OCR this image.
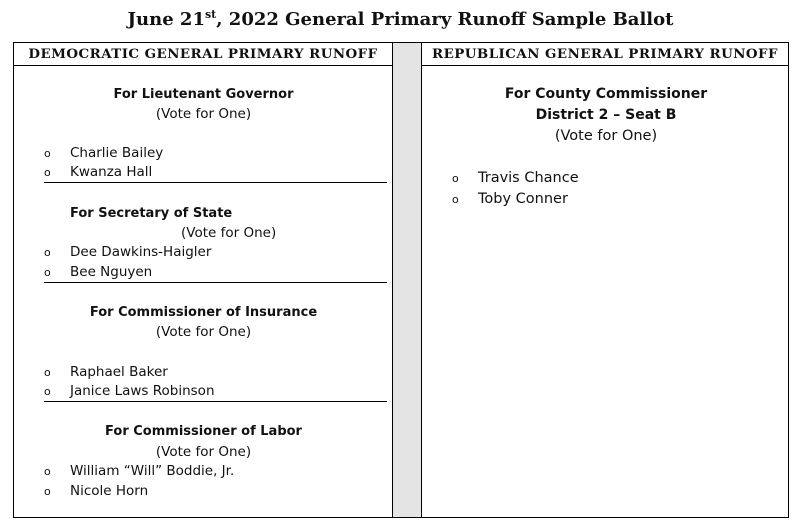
June 21st, 2022 General Primary Runoff Sample Ballot
DEMOCRATIC GENERAL PRIMARY RUNOFF
For Lieutenant Governor
(Vote for One)
o Charlie Bailey
o Kwanza Hall
For Secretary of State
(Vote for One)
o Dee Dawkins-Haigler
o Bee Nguyen
For Commissioner of Insurance
(Vote for One)
o Raphael Baker
o Janice Laws Robinson
For Commissioner of Labor
(Vote for One)
o William “Will” Boddie, Jr.
o Nicole Horn
REPUBLICAN GENERAL PRIMARY RUNOFF
For County Commissioner
District 2 – Seat B
(Vote for One)
o Travis Chance
o Toby Conner
